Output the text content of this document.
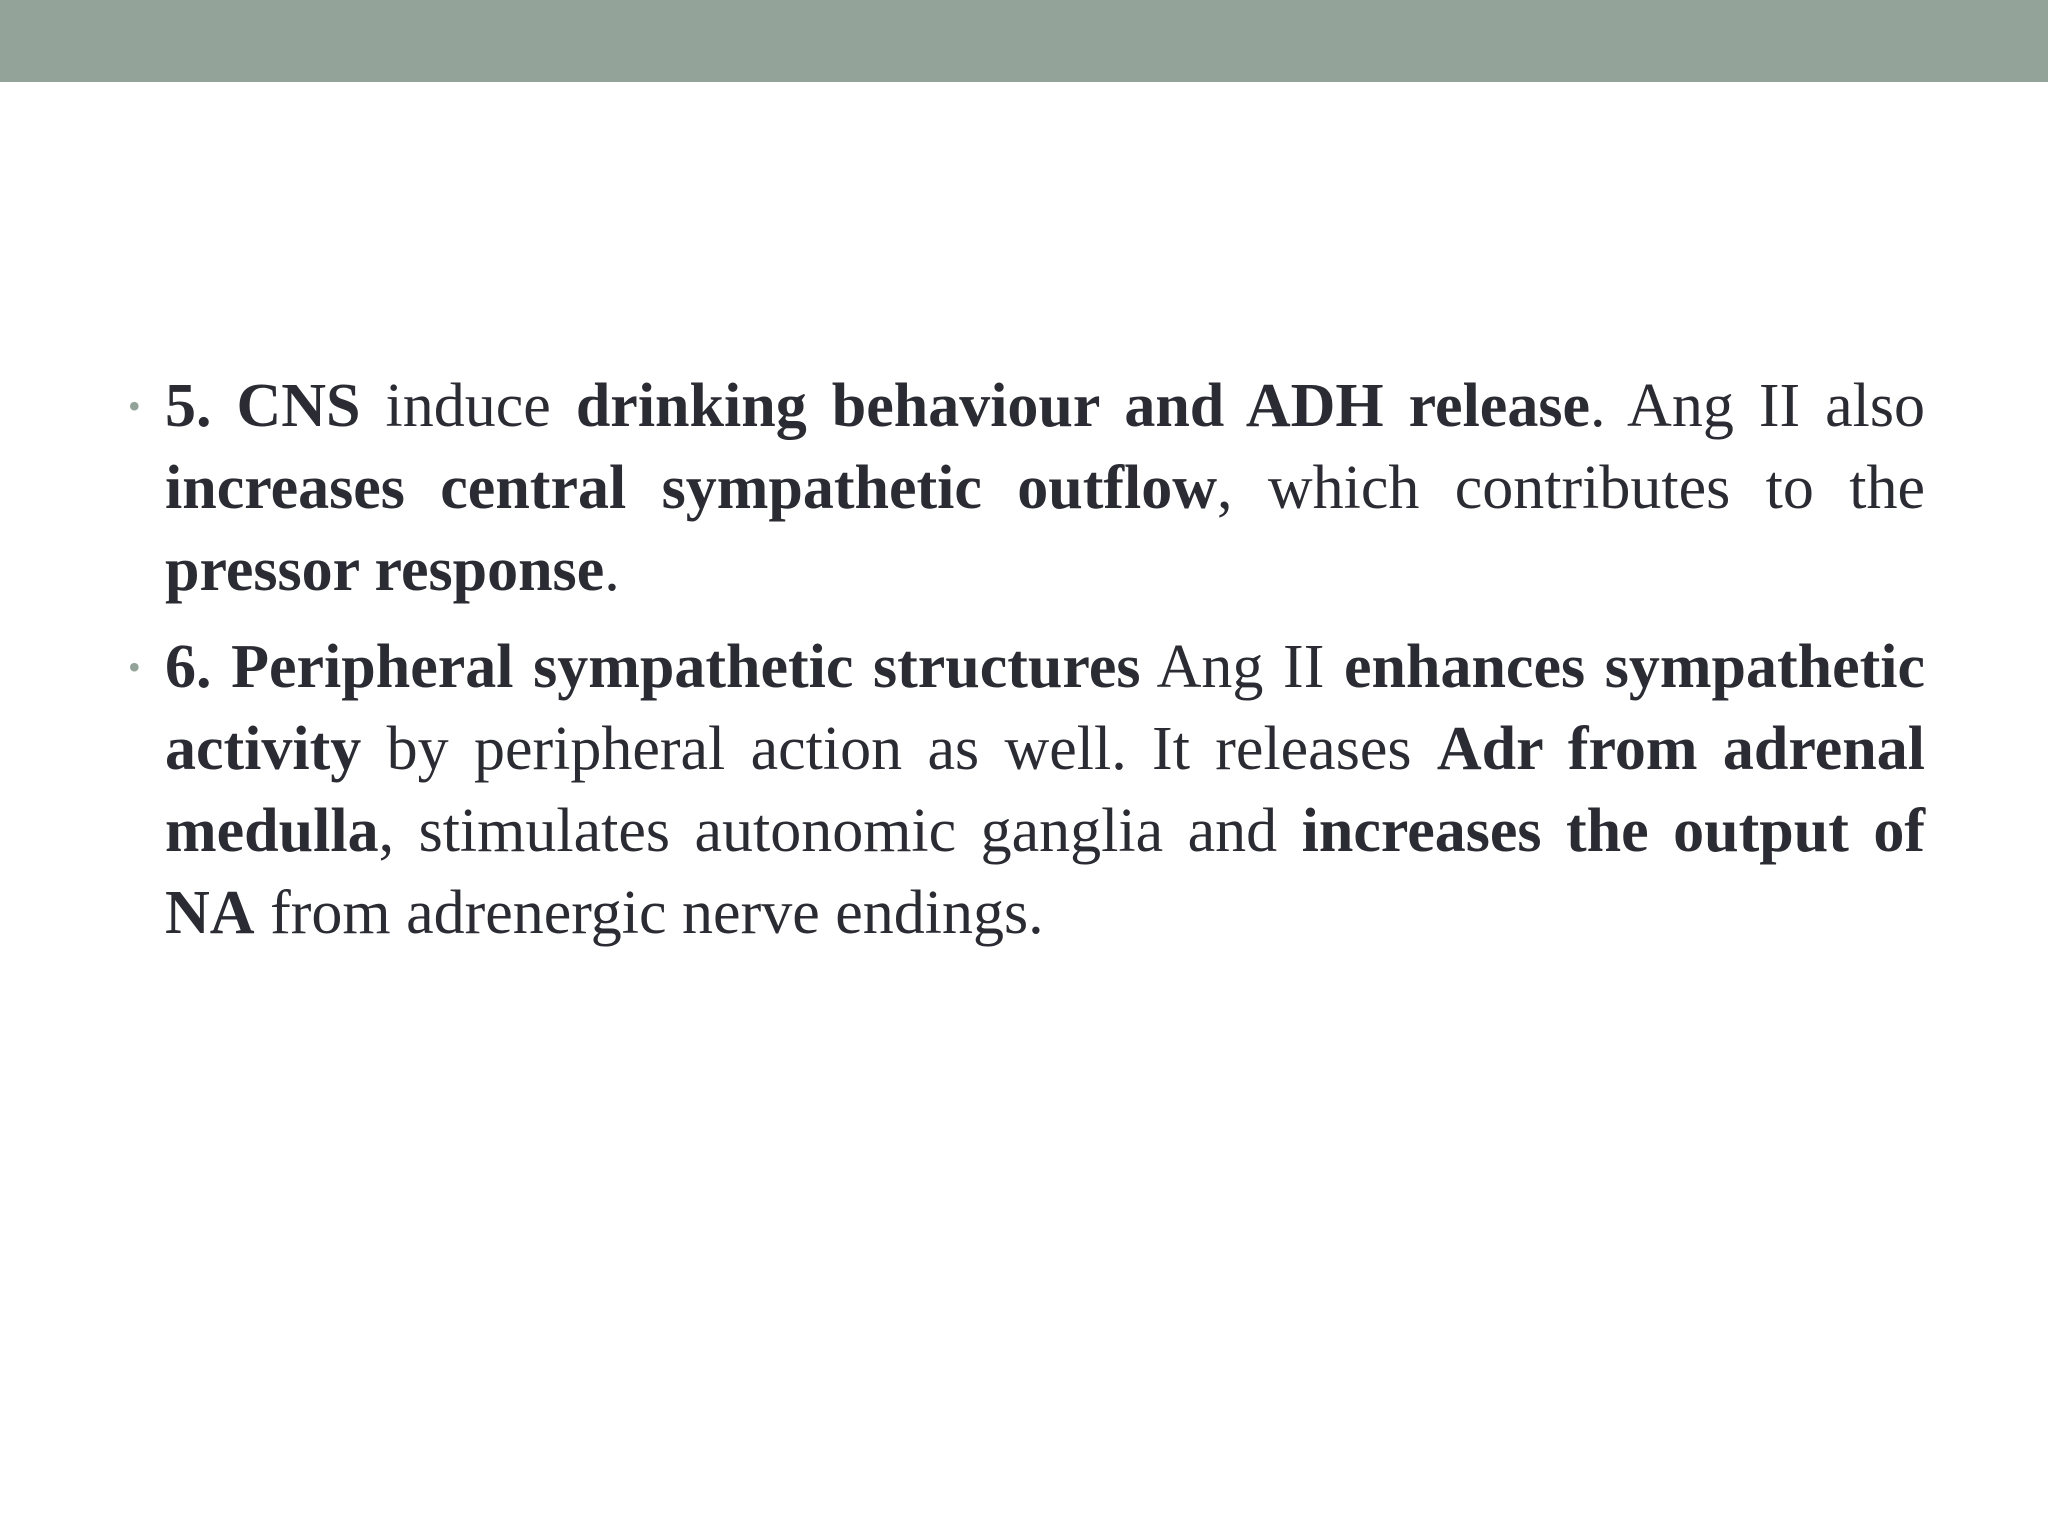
• 5. CNS induce drinking behaviour and ADH release. Ang II also increases central sympathetic outflow, which contributes to the pressor response.
• 6. Peripheral sympathetic structures Ang II enhances sympathetic activity by peripheral action as well. It releases Adr from adrenal medulla, stimulates autonomic ganglia and increases the output of NA from adrenergic nerve endings.
